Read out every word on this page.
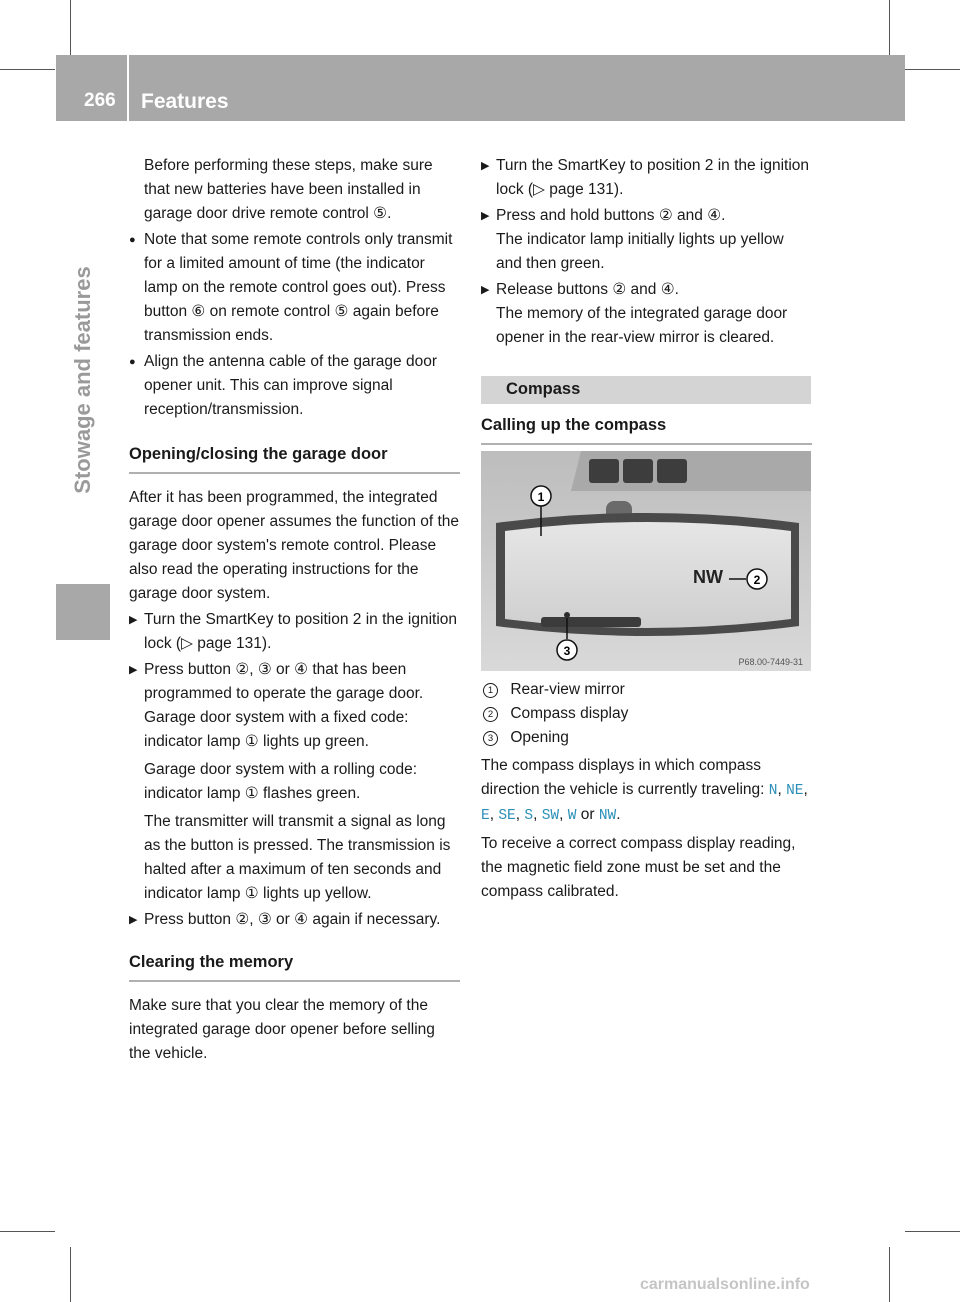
266 Features
Stowage and features

Before performing these steps, make sure that new batteries have been installed in garage door drive remote control ⑤.

● Note that some remote controls only transmit for a limited amount of time (the indicator lamp on the remote control goes out). Press button ⑥ on remote control ⑤ again before transmission ends.
● Align the antenna cable of the garage door opener unit. This can improve signal reception/transmission.
Opening/closing the garage door

After it has been programmed, the integrated garage door opener assumes the function of the garage door system's remote control. Please also read the operating instructions for the garage door system.

▶ Turn the SmartKey to position 2 in the ignition lock (▷ page 131).
▶ Press button ②, ③ or ④ that has been programmed to operate the garage door.

Garage door system with a fixed code: indicator lamp ① lights up green.

Garage door system with a rolling code: indicator lamp ① flashes green.

The transmitter will transmit a signal as long as the button is pressed. The transmission is halted after a maximum of ten seconds and indicator lamp ① lights up yellow.

▶ Press button ②, ③ or ④ again if necessary.
Clearing the memory

Make sure that you clear the memory of the integrated garage door opener before selling the vehicle.

▶ Turn the SmartKey to position 2 in the ignition lock (▷ page 131).
▶ Press and hold buttons ② and ④.

The indicator lamp initially lights up yellow and then green.

▶ Release buttons ② and ④.

The memory of the integrated garage door opener in the rear-view mirror is cleared.

Compass
Calling up the compass
1
NW	2
3
P68.00-7449-31
1 Rear-view mirror
2 Compass display
3 Opening

The compass displays in which compass direction the vehicle is currently traveling: N, NE, E, SE, S, SW, W or NW.

To receive a correct compass display reading, the magnetic field zone must be set and the compass calibrated.

carmanualsonline.info
